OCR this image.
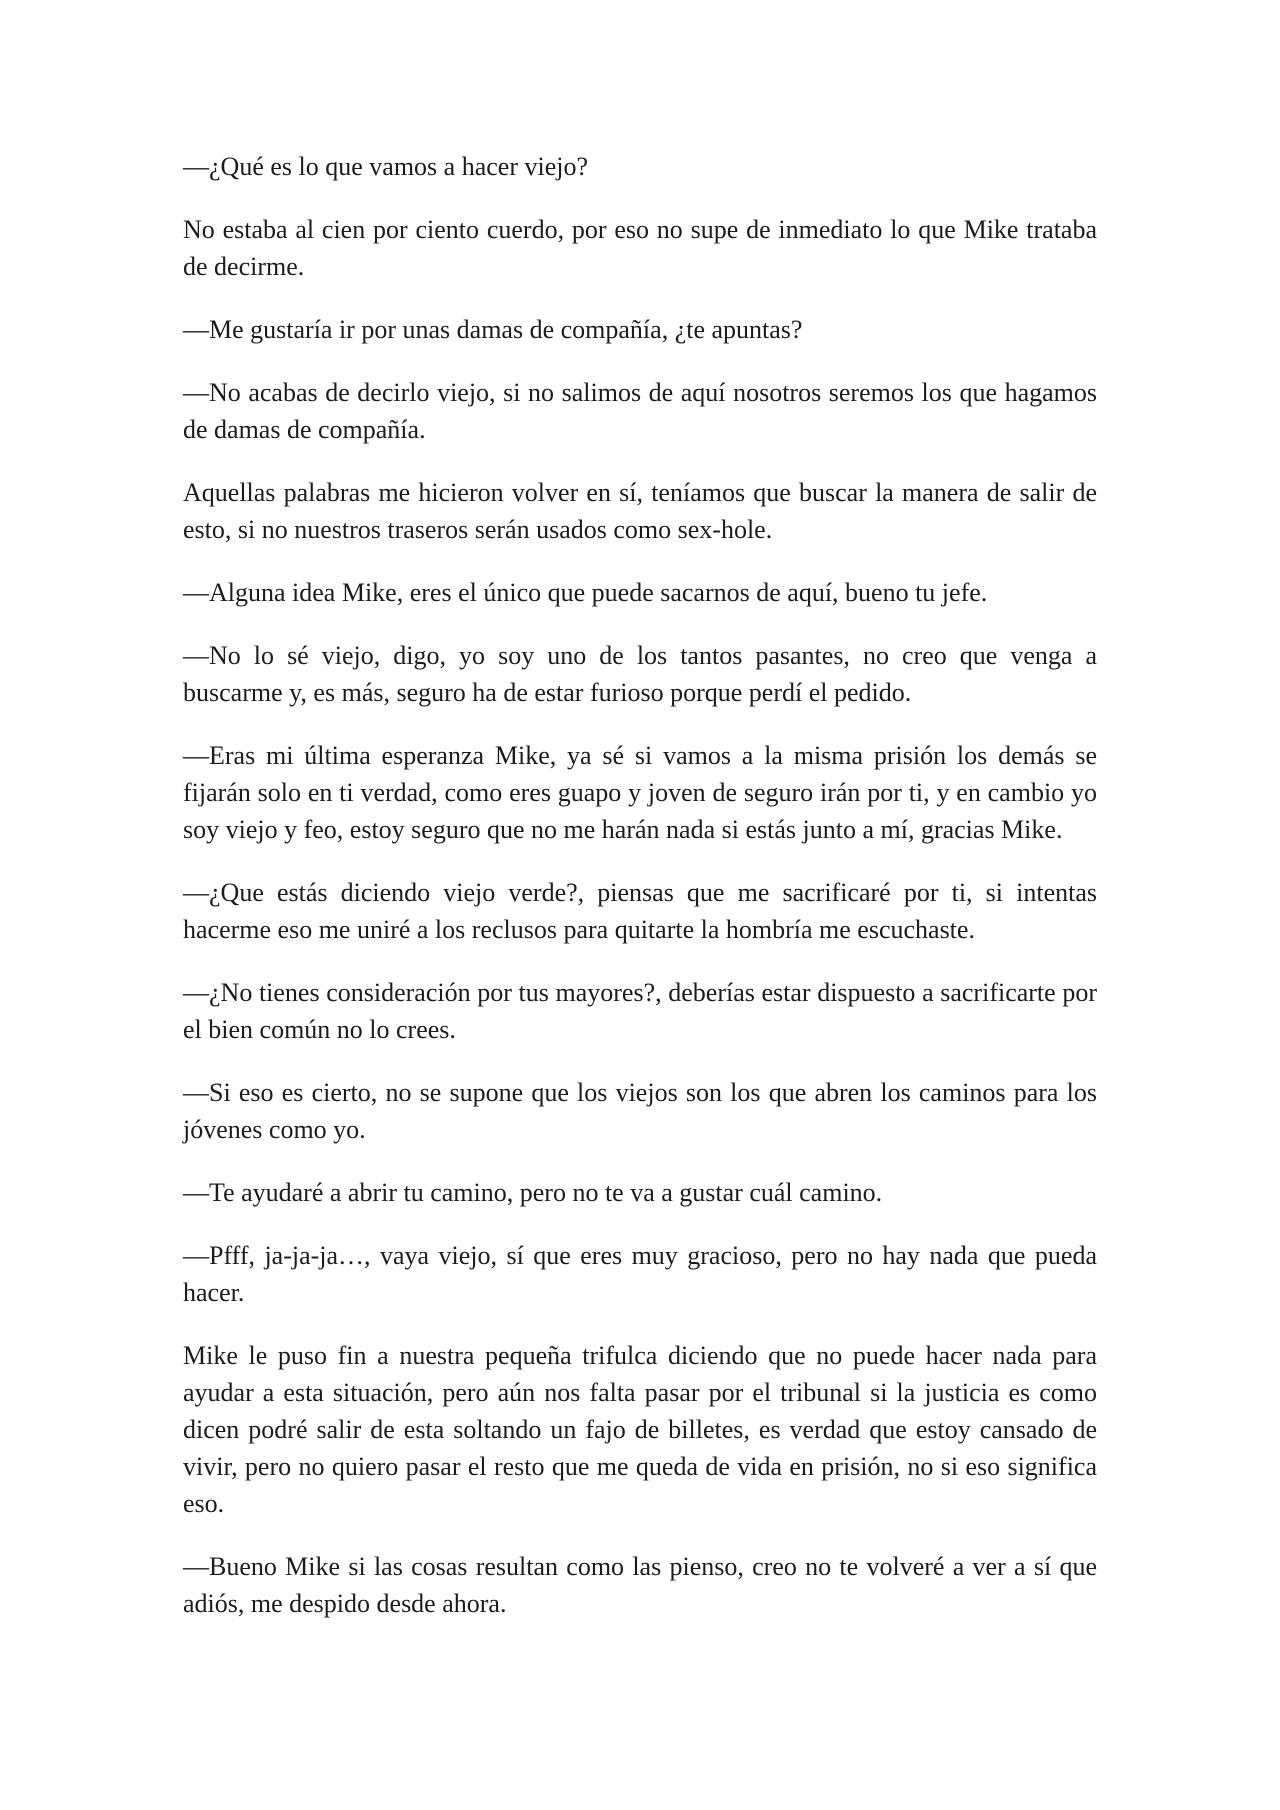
—¿Qué es lo que vamos a hacer viejo?

No estaba al cien por ciento cuerdo, por eso no supe de inmediato lo que Mike trataba de decirme.

—Me gustaría ir por unas damas de compañía, ¿te apuntas?

—No acabas de decirlo viejo, si no salimos de aquí nosotros seremos los que hagamos de damas de compañía.

Aquellas palabras me hicieron volver en sí, teníamos que buscar la manera de salir de esto, si no nuestros traseros serán usados como sex-hole.

—Alguna idea Mike, eres el único que puede sacarnos de aquí, bueno tu jefe.

—No lo sé viejo, digo, yo soy uno de los tantos pasantes, no creo que venga a buscarme y, es más, seguro ha de estar furioso porque perdí el pedido.

—Eras mi última esperanza Mike, ya sé si vamos a la misma prisión los demás se fijarán solo en ti verdad, como eres guapo y joven de seguro irán por ti, y en cambio yo soy viejo y feo, estoy seguro que no me harán nada si estás junto a mí, gracias Mike.

—¿Que estás diciendo viejo verde?, piensas que me sacrificaré por ti, si intentas hacerme eso me uniré a los reclusos para quitarte la hombría me escuchaste.

—¿No tienes consideración por tus mayores?, deberías estar dispuesto a sacrificarte por el bien común no lo crees.

—Si eso es cierto, no se supone que los viejos son los que abren los caminos para los jóvenes como yo.

—Te ayudaré a abrir tu camino, pero no te va a gustar cuál camino.

—Pfff, ja-ja-ja…, vaya viejo, sí que eres muy gracioso, pero no hay nada que pueda hacer.

Mike le puso fin a nuestra pequeña trifulca diciendo que no puede hacer nada para ayudar a esta situación, pero aún nos falta pasar por el tribunal si la justicia es como dicen podré salir de esta soltando un fajo de billetes, es verdad que estoy cansado de vivir, pero no quiero pasar el resto que me queda de vida en prisión, no si eso significa eso.

—Bueno Mike si las cosas resultan como las pienso, creo no te volveré a ver a sí que adiós, me despido desde ahora.
